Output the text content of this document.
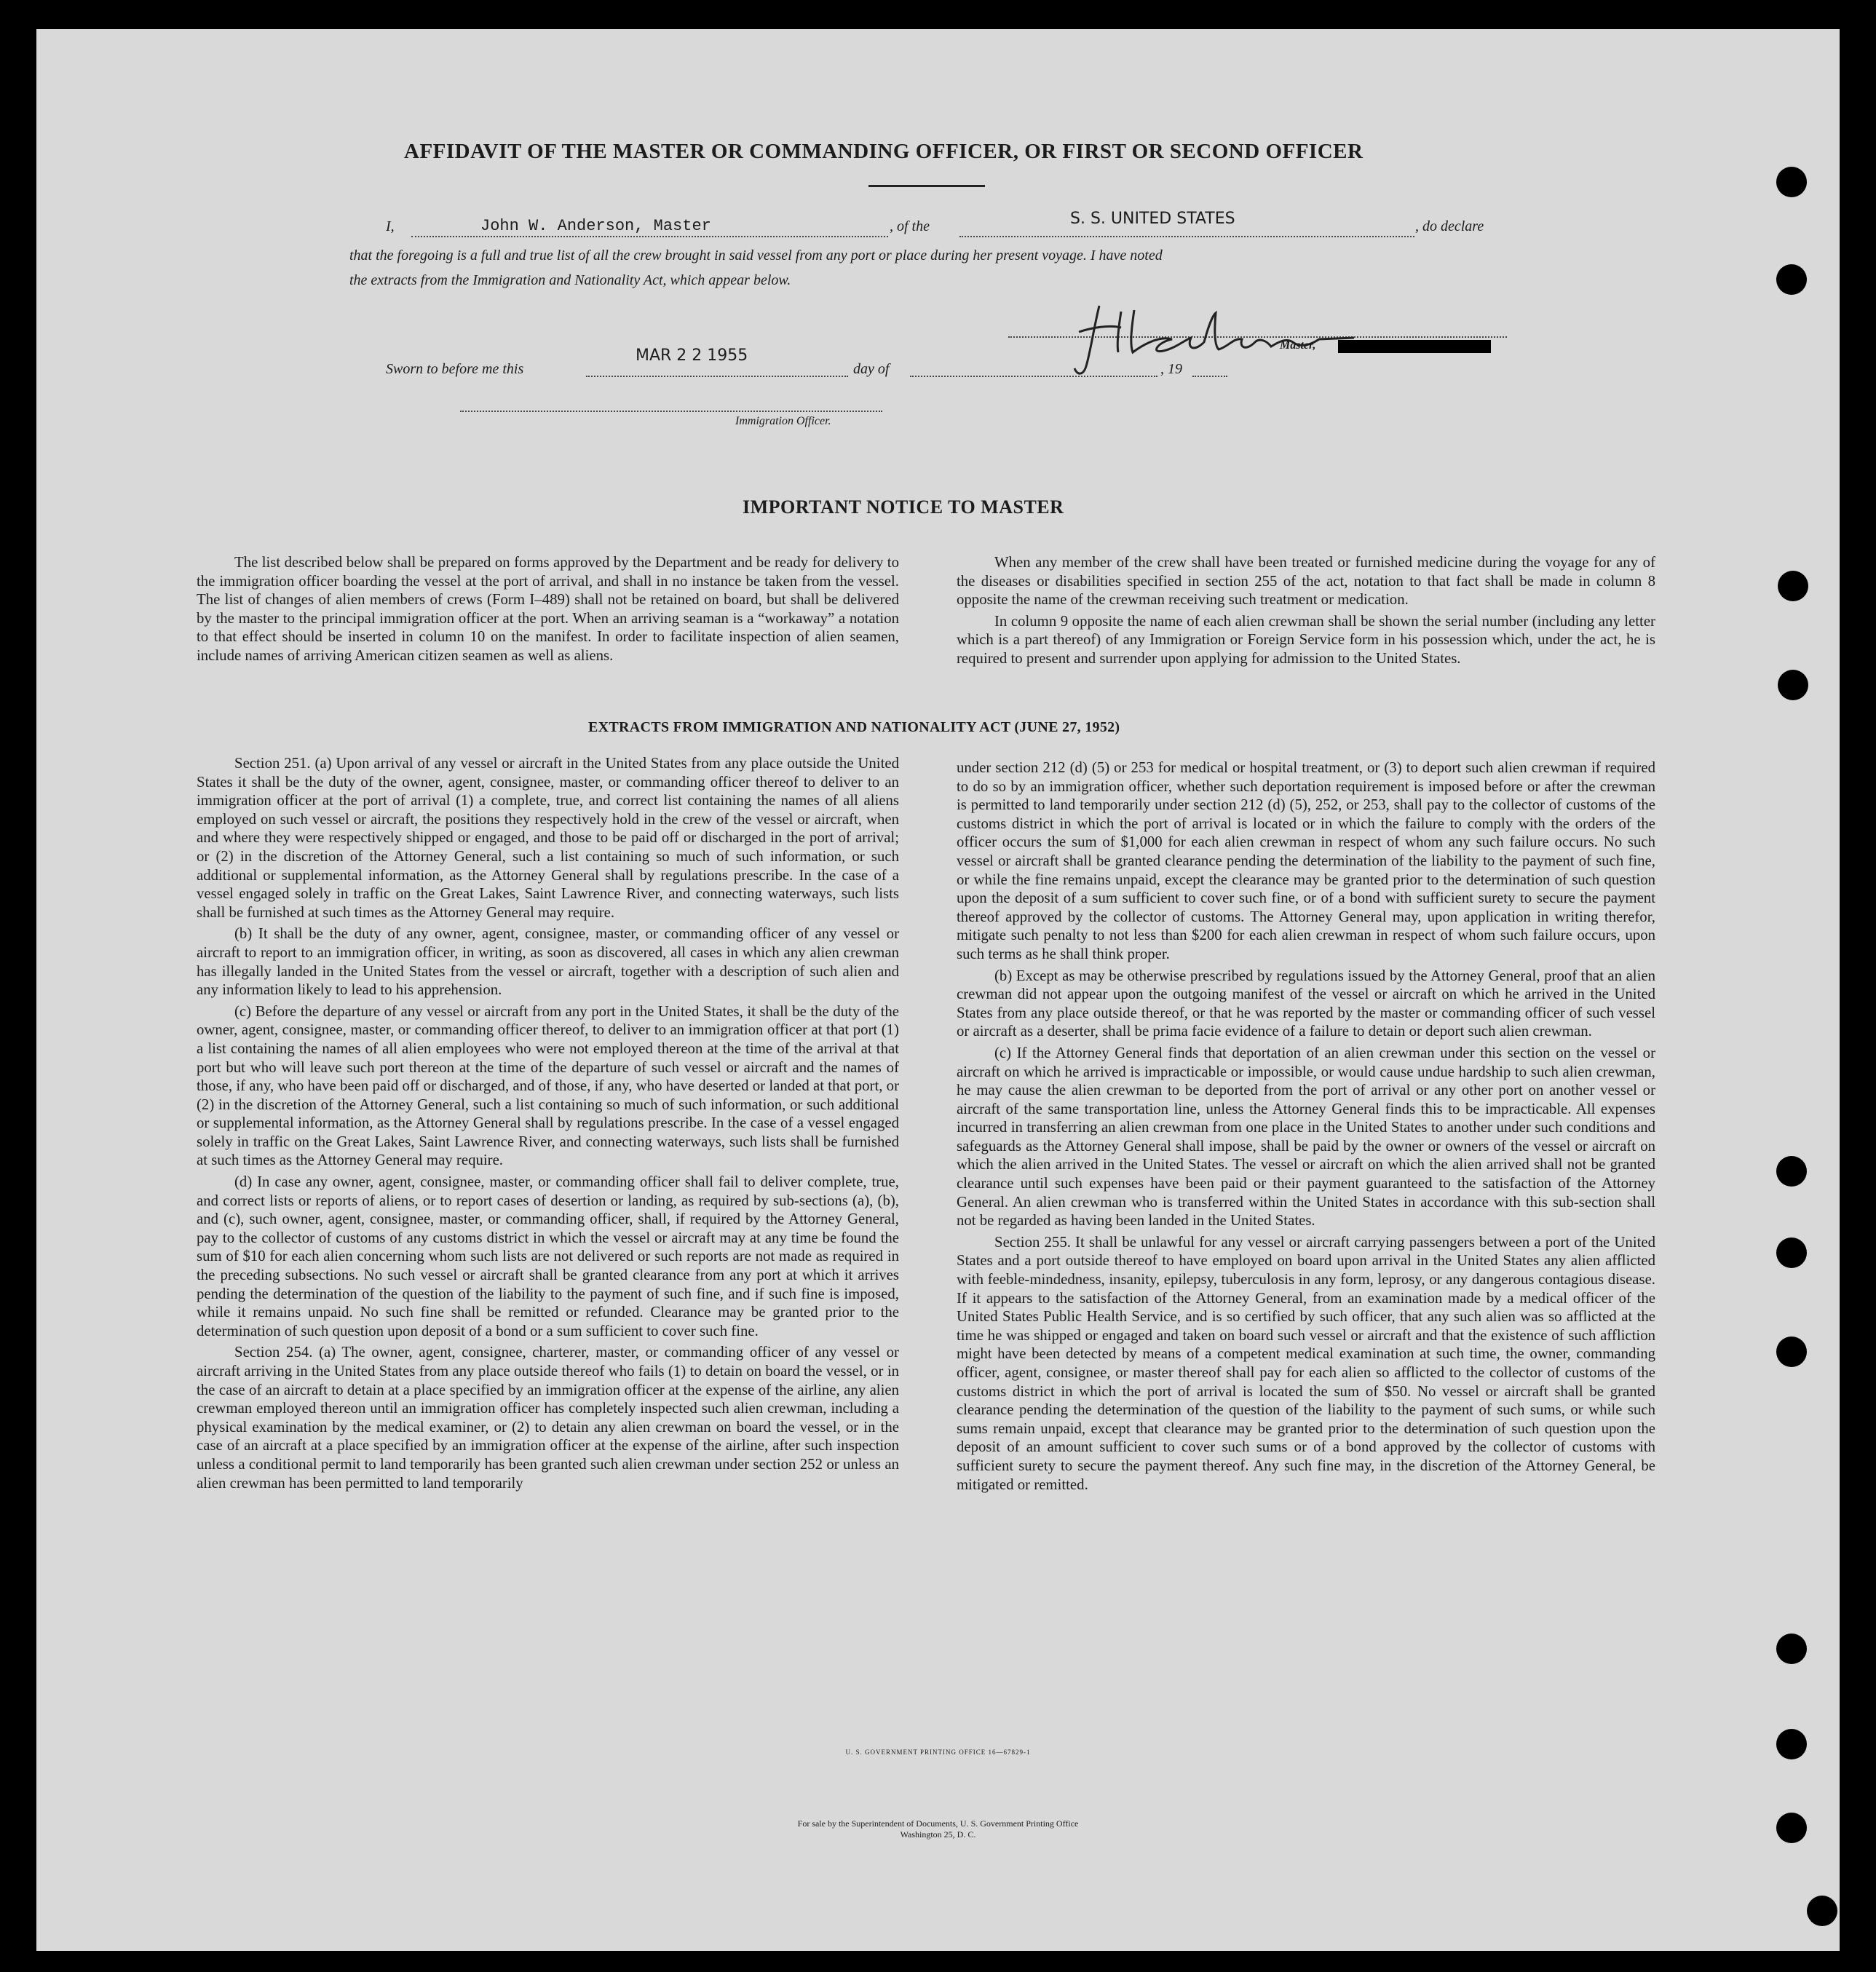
AFFIDAVIT OF THE MASTER OR COMMANDING OFFICER, OR FIRST OR SECOND OFFICER
I,	John W. Anderson, Master	, of the	S. S. UNITED STATES	, do declare
that the foregoing is a full and true list of all the crew brought in said vessel from any port or place during her present voyage. I have noted
the extracts from the Immigration and Nationality Act, which appear below.
Master,
Sworn to before me this
MAR 2 2 1955
day of	, 19
Immigration Officer.
IMPORTANT NOTICE TO MASTER

The list described below shall be prepared on forms approved by the Department and be ready for delivery to the immigration officer boarding the vessel at the port of arrival, and shall in no instance be taken from the vessel. The list of changes of alien members of crews (Form I–489) shall not be retained on board, but shall be delivered by the master to the principal immigration officer at the port. When an arriving seaman is a “workaway” a notation to that effect should be inserted in column 10 on the manifest. In order to facilitate inspection of alien seamen, include names of arriving American citizen seamen as well as aliens.

When any member of the crew shall have been treated or furnished medicine during the voyage for any of the diseases or disabilities specified in section 255 of the act, notation to that fact shall be made in column 8 opposite the name of the crewman receiving such treatment or medication.

In column 9 opposite the name of each alien crewman shall be shown the serial number (including any letter which is a part thereof) of any Immigration or Foreign Service form in his possession which, under the act, he is required to present and surrender upon applying for admission to the United States.

EXTRACTS FROM IMMIGRATION AND NATIONALITY ACT (JUNE 27, 1952)

Section 251. (a) Upon arrival of any vessel or aircraft in the United States from any place outside the United States it shall be the duty of the owner, agent, consignee, master, or commanding officer thereof to deliver to an immigration officer at the port of arrival (1) a complete, true, and correct list containing the names of all aliens employed on such vessel or aircraft, the positions they respectively hold in the crew of the vessel or aircraft, when and where they were respectively shipped or engaged, and those to be paid off or discharged in the port of arrival; or (2) in the discretion of the Attorney General, such a list containing so much of such information, or such additional or supplemental information, as the Attorney General shall by regulations prescribe. In the case of a vessel engaged solely in traffic on the Great Lakes, Saint Lawrence River, and connecting waterways, such lists shall be furnished at such times as the Attorney General may require.

(b) It shall be the duty of any owner, agent, consignee, master, or commanding officer of any vessel or aircraft to report to an immigration officer, in writing, as soon as discovered, all cases in which any alien crewman has illegally landed in the United States from the vessel or aircraft, together with a description of such alien and any information likely to lead to his apprehension.

(c) Before the departure of any vessel or aircraft from any port in the United States, it shall be the duty of the owner, agent, consignee, master, or commanding officer thereof, to deliver to an immigration officer at that port (1) a list containing the names of all alien employees who were not employed thereon at the time of the arrival at that port but who will leave such port thereon at the time of the departure of such vessel or aircraft and the names of those, if any, who have been paid off or discharged, and of those, if any, who have deserted or landed at that port, or (2) in the discretion of the Attorney General, such a list containing so much of such information, or such additional or supplemental information, as the Attorney General shall by regulations prescribe. In the case of a vessel engaged solely in traffic on the Great Lakes, Saint Lawrence River, and connecting waterways, such lists shall be furnished at such times as the Attorney General may require.

(d) In case any owner, agent, consignee, master, or commanding officer shall fail to deliver complete, true, and correct lists or reports of aliens, or to report cases of desertion or landing, as required by sub-sections (a), (b), and (c), such owner, agent, consignee, master, or commanding officer, shall, if required by the Attorney General, pay to the collector of customs of any customs district in which the vessel or aircraft may at any time be found the sum of $10 for each alien concerning whom such lists are not delivered or such reports are not made as required in the preceding subsections. No such vessel or aircraft shall be granted clearance from any port at which it arrives pending the determination of the question of the liability to the payment of such fine, and if such fine is imposed, while it remains unpaid. No such fine shall be remitted or refunded. Clearance may be granted prior to the determination of such question upon deposit of a bond or a sum sufficient to cover such fine.

Section 254. (a) The owner, agent, consignee, charterer, master, or commanding officer of any vessel or aircraft arriving in the United States from any place outside thereof who fails (1) to detain on board the vessel, or in the case of an aircraft to detain at a place specified by an immigration officer at the expense of the airline, any alien crewman employed thereon until an immigration officer has completely inspected such alien crewman, including a physical examination by the medical examiner, or (2) to detain any alien crewman on board the vessel, or in the case of an aircraft at a place specified by an immigration officer at the expense of the airline, after such inspection unless a conditional permit to land temporarily has been granted such alien crewman under section 252 or unless an alien crewman has been permitted to land temporarily

under section 212 (d) (5) or 253 for medical or hospital treatment, or (3) to deport such alien crewman if required to do so by an immigration officer, whether such deportation requirement is imposed before or after the crewman is permitted to land temporarily under section 212 (d) (5), 252, or 253, shall pay to the collector of customs of the customs district in which the port of arrival is located or in which the failure to comply with the orders of the officer occurs the sum of $1,000 for each alien crewman in respect of whom any such failure occurs. No such vessel or aircraft shall be granted clearance pending the determination of the liability to the payment of such fine, or while the fine remains unpaid, except the clearance may be granted prior to the determination of such question upon the deposit of a sum sufficient to cover such fine, or of a bond with sufficient surety to secure the payment thereof approved by the collector of customs. The Attorney General may, upon application in writing therefor, mitigate such penalty to not less than $200 for each alien crewman in respect of whom such failure occurs, upon such terms as he shall think proper.

(b) Except as may be otherwise prescribed by regulations issued by the Attorney General, proof that an alien crewman did not appear upon the outgoing manifest of the vessel or aircraft on which he arrived in the United States from any place outside thereof, or that he was reported by the master or commanding officer of such vessel or aircraft as a deserter, shall be prima facie evidence of a failure to detain or deport such alien crewman.

(c) If the Attorney General finds that deportation of an alien crewman under this section on the vessel or aircraft on which he arrived is impracticable or impossible, or would cause undue hardship to such alien crewman, he may cause the alien crewman to be deported from the port of arrival or any other port on another vessel or aircraft of the same transportation line, unless the Attorney General finds this to be impracticable. All expenses incurred in transferring an alien crewman from one place in the United States to another under such conditions and safeguards as the Attorney General shall impose, shall be paid by the owner or owners of the vessel or aircraft on which the alien arrived in the United States. The vessel or aircraft on which the alien arrived shall not be granted clearance until such expenses have been paid or their payment guaranteed to the satisfaction of the Attorney General. An alien crewman who is transferred within the United States in accordance with this sub-section shall not be regarded as having been landed in the United States.

Section 255. It shall be unlawful for any vessel or aircraft carrying passengers between a port of the United States and a port outside thereof to have employed on board upon arrival in the United States any alien afflicted with feeble-mindedness, insanity, epilepsy, tuberculosis in any form, leprosy, or any dangerous contagious disease. If it appears to the satisfaction of the Attorney General, from an examination made by a medical officer of the United States Public Health Service, and is so certified by such officer, that any such alien was so afflicted at the time he was shipped or engaged and taken on board such vessel or aircraft and that the existence of such affliction might have been detected by means of a competent medical examination at such time, the owner, commanding officer, agent, consignee, or master thereof shall pay for each alien so afflicted to the collector of customs of the customs district in which the port of arrival is located the sum of $50. No vessel or aircraft shall be granted clearance pending the determination of the question of the liability to the payment of such sums, or while such sums remain unpaid, except that clearance may be granted prior to the determination of such question upon the deposit of an amount sufficient to cover such sums or of a bond approved by the collector of customs with sufficient surety to secure the payment thereof. Any such fine may, in the discretion of the Attorney General, be mitigated or remitted.

U. S. GOVERNMENT PRINTING OFFICE 16—67829-1
For sale by the Superintendent of Documents, U. S. Government Printing Office
Washington 25, D. C.
